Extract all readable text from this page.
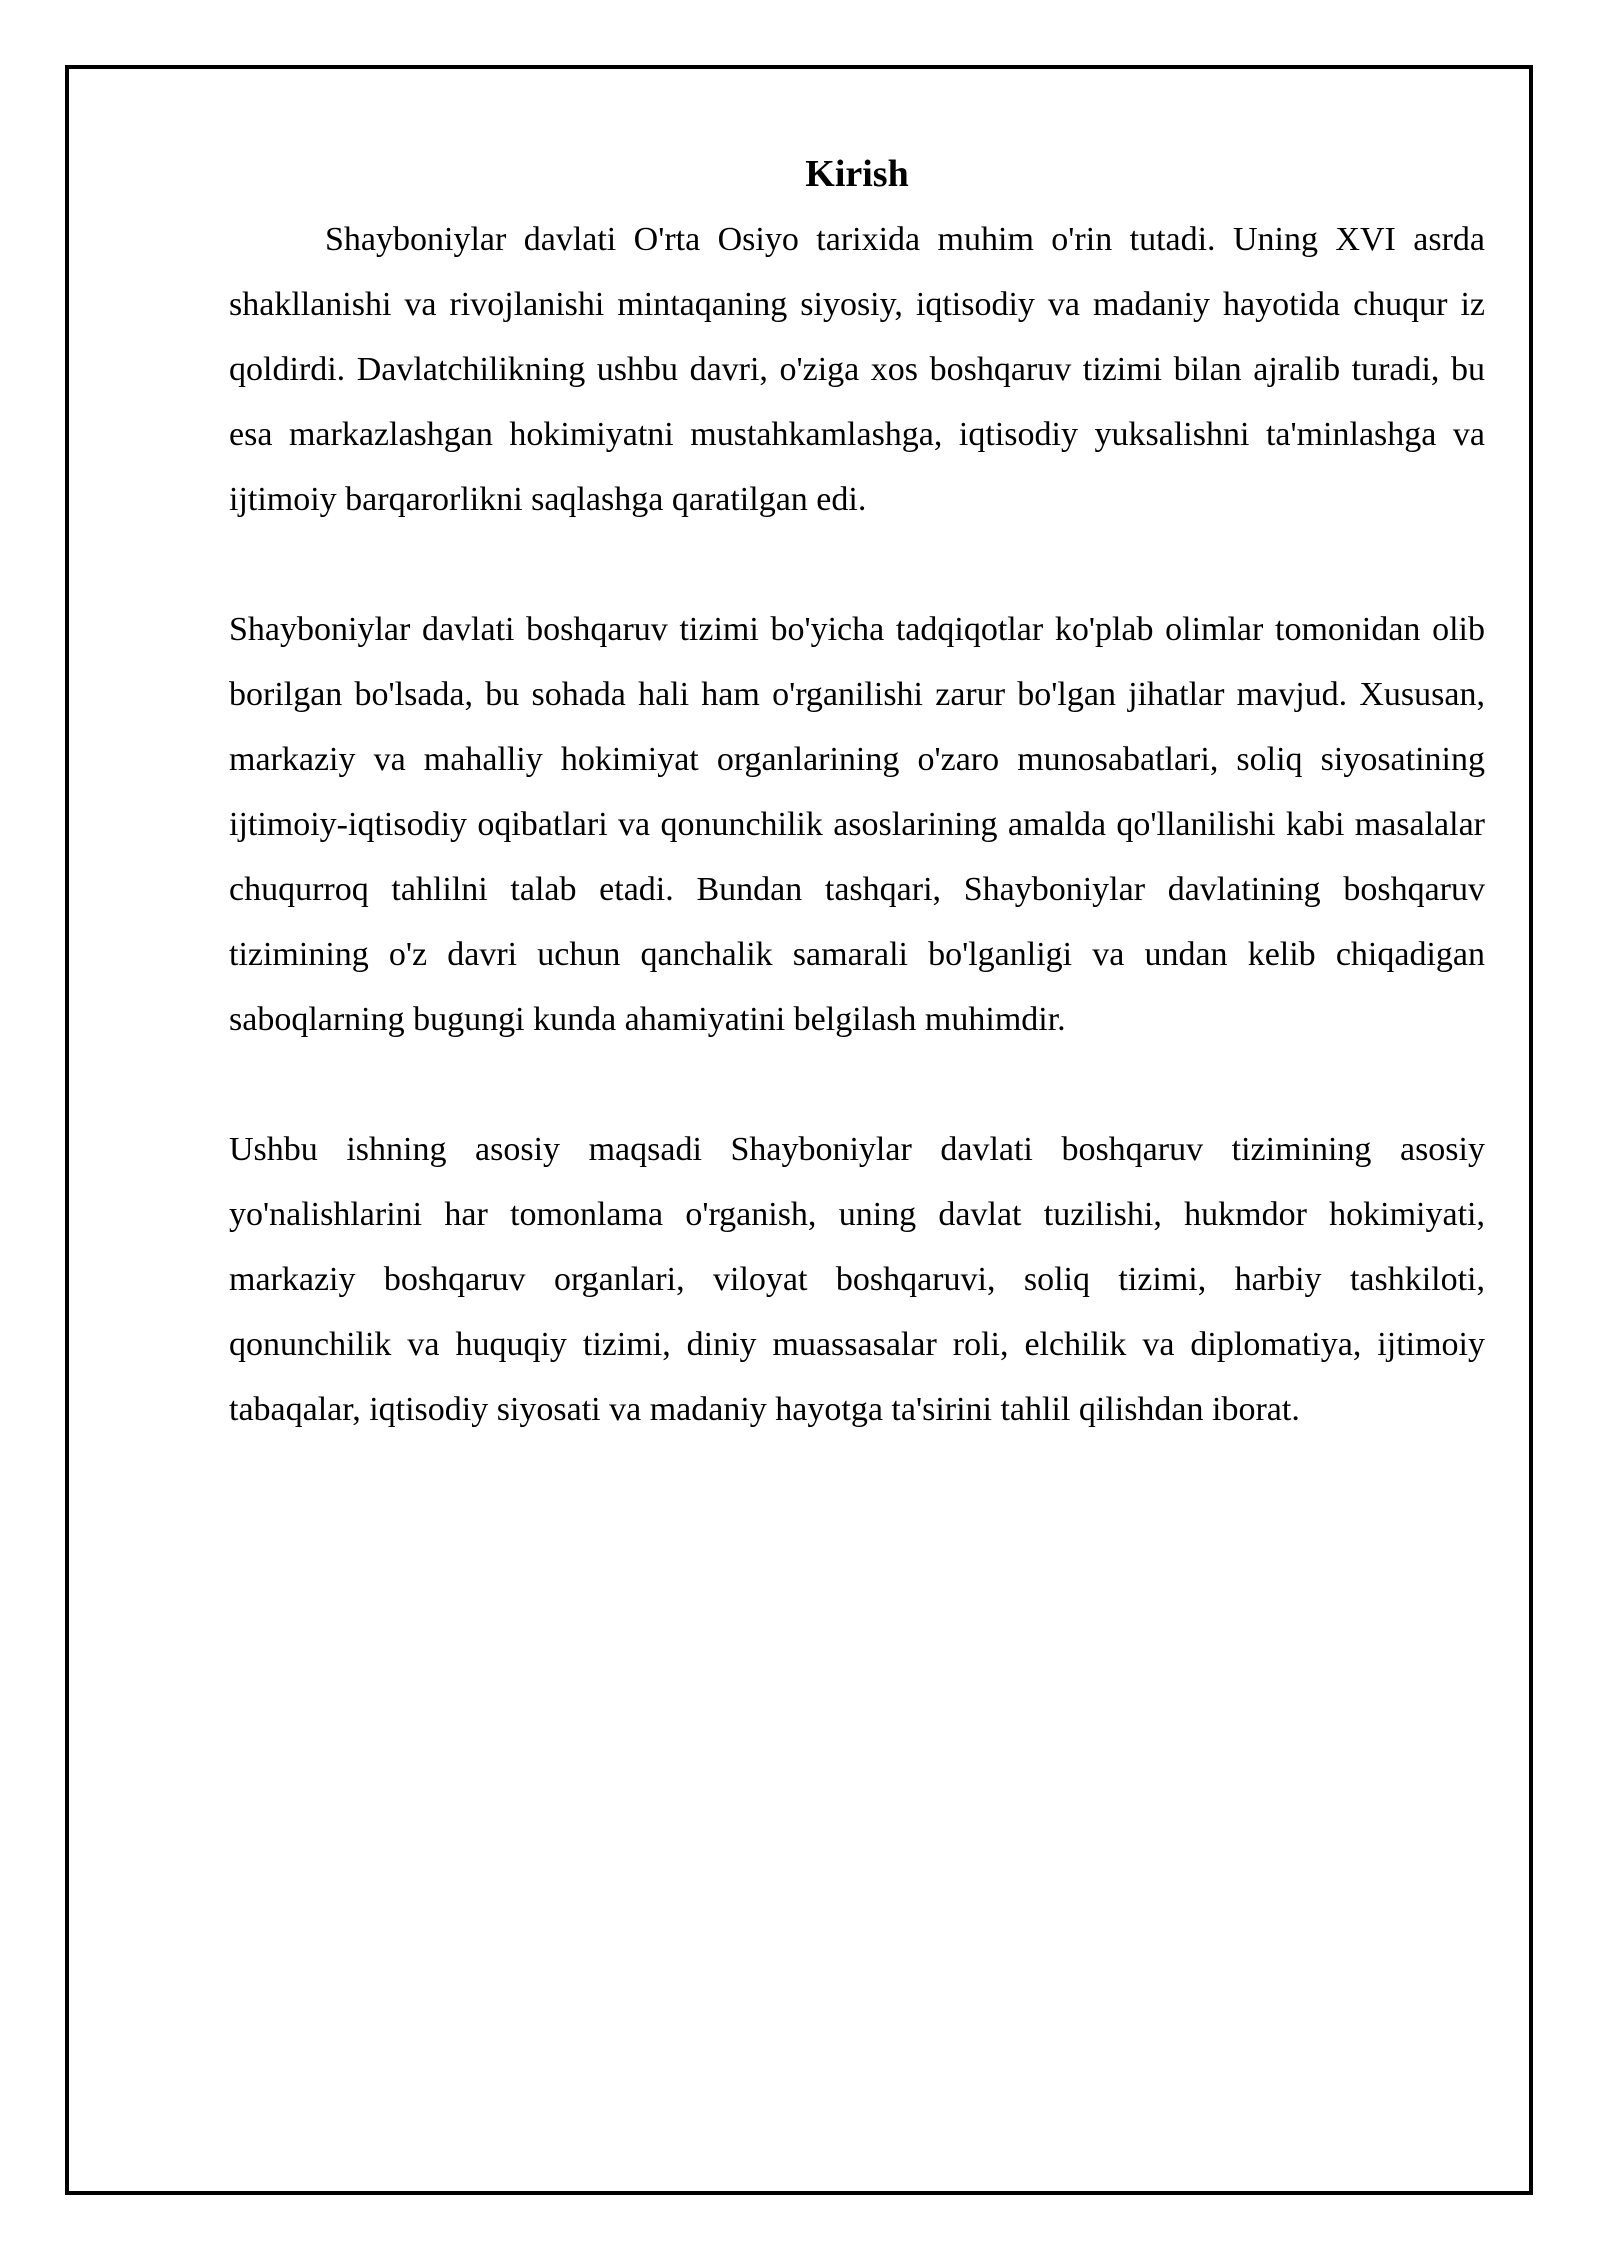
Kirish

Shayboniylar davlati O'rta Osiyo tarixida muhim o'rin tutadi. Uning XVI asrda shakllanishi va rivojlanishi mintaqaning siyosiy, iqtisodiy va madaniy hayotida chuqur iz qoldirdi. Davlatchilikning ushbu davri, o'ziga xos boshqaruv tizimi bilan ajralib turadi, bu esa markazlashgan hokimiyatni mustahkamlashga, iqtisodiy yuksalishni ta'minlashga va ijtimoiy barqarorlikni saqlashga qaratilgan edi.

Shayboniylar davlati boshqaruv tizimi bo'yicha tadqiqotlar ko'plab olimlar tomonidan olib borilgan bo'lsada, bu sohada hali ham o'rganilishi zarur bo'lgan jihatlar mavjud. Xususan, markaziy va mahalliy hokimiyat organlarining o'zaro munosabatlari, soliq siyosatining ijtimoiy-iqtisodiy oqibatlari va qonunchilik asoslarining amalda qo'llanilishi kabi masalalar chuqurroq tahlilni talab etadi. Bundan tashqari, Shayboniylar davlatining boshqaruv tizimining o'z davri uchun qanchalik samarali bo'lganligi va undan kelib chiqadigan saboqlarning bugungi kunda ahamiyatini belgilash muhimdir.

Ushbu ishning asosiy maqsadi Shayboniylar davlati boshqaruv tizimining asosiy yo'nalishlarini har tomonlama o'rganish, uning davlat tuzilishi, hukmdor hokimiyati, markaziy boshqaruv organlari, viloyat boshqaruvi, soliq tizimi, harbiy tashkiloti, qonunchilik va huquqiy tizimi, diniy muassasalar roli, elchilik va diplomatiya, ijtimoiy tabaqalar, iqtisodiy siyosati va madaniy hayotga ta'sirini tahlil qilishdan iborat.
